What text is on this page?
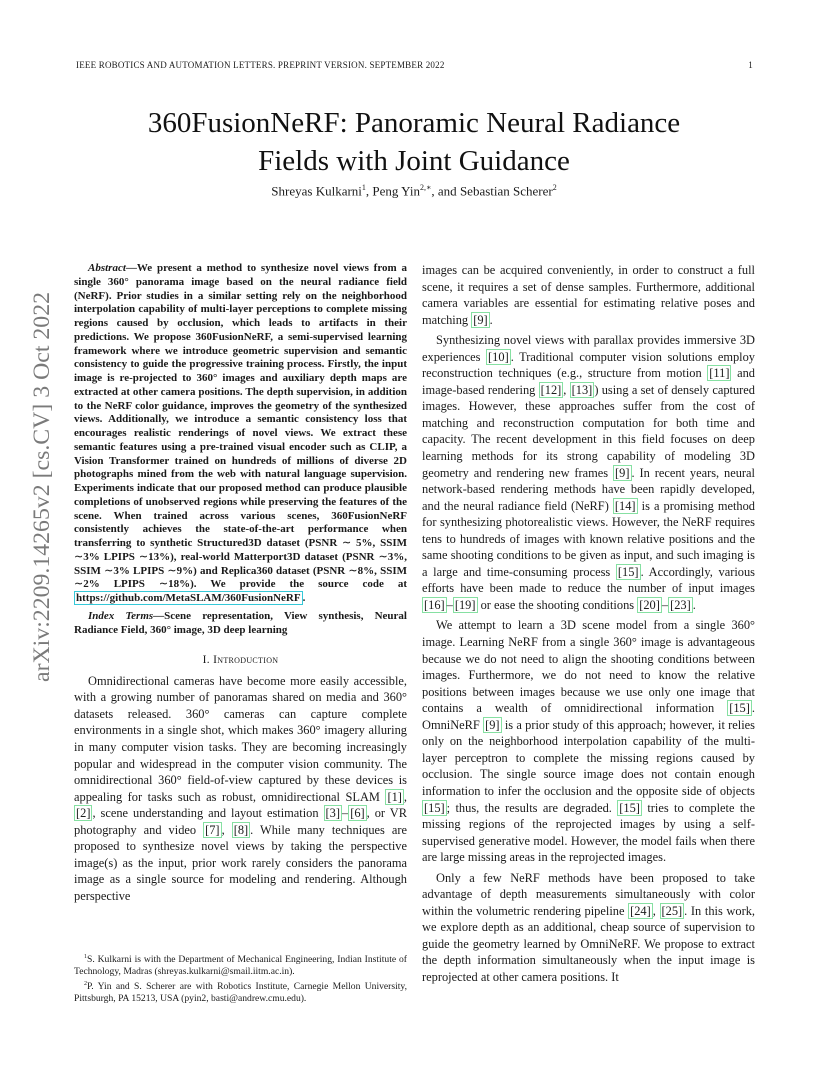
IEEE ROBOTICS AND AUTOMATION LETTERS. PREPRINT VERSION. SEPTEMBER 2022	1
arXiv:2209.14265v2 [cs.CV] 3 Oct 2022
360FusionNeRF: Panoramic Neural Radiance
Fields with Joint Guidance
Shreyas Kulkarni$^1$, Peng Yin$^{2,∗}$, and Sebastian Scherer$^2$

Abstract—We present a method to synthesize novel views from a single 360° panorama image based on the neural radiance field (NeRF). Prior studies in a similar setting rely on the neighborhood interpolation capability of multi-layer perceptions to complete missing regions caused by occlusion, which leads to artifacts in their predictions. We propose 360FusionNeRF, a semi-supervised learning framework where we introduce geometric supervision and semantic consistency to guide the progressive training process. Firstly, the input image is re-projected to 360° images and auxiliary depth maps are extracted at other camera positions. The depth supervision, in addition to the NeRF color guidance, improves the geometry of the synthesized views. Additionally, we introduce a semantic consistency loss that encourages realistic renderings of novel views. We extract these semantic features using a pre-trained visual encoder such as CLIP, a Vision Transformer trained on hundreds of millions of diverse 2D photographs mined from the web with natural language supervision. Experiments indicate that our proposed method can produce plausible completions of unobserved regions while preserving the features of the scene. When trained across various scenes, 360FusionNeRF consistently achieves the state-of-the-art performance when transferring to synthetic Structured3D dataset (PSNR ∼ 5%, SSIM ∼3% LPIPS ∼13%), real-world Matterport3D dataset (PSNR ∼3%, SSIM ∼3% LPIPS ∼9%) and Replica360 dataset (PSNR ∼8%, SSIM ∼2% LPIPS ∼18%). We provide the source code at https://github.com/MetaSLAM/360FusionNeRF .

Index Terms—Scene representation, View synthesis, Neural Radiance Field, 360° image, 3D deep learning

I. Introduction

Omnidirectional cameras have become more easily accessible, with a growing number of panoramas shared on media and 360° datasets released. 360° cameras can capture complete environments in a single shot, which makes 360° imagery alluring in many computer vision tasks. They are becoming increasingly popular and widespread in the computer vision community. The omnidirectional 360° field-of-view captured by these devices is appealing for tasks such as robust, omnidirectional SLAM [1] , [2] , scene understanding and layout estimation [3] – [6] , or VR photography and video [7] , [8] . While many techniques are proposed to synthesize novel views by taking the perspective image(s) as the input, prior work rarely considers the panorama image as a single source for modeling and rendering. Although perspective

images can be acquired conveniently, in order to construct a full scene, it requires a set of dense samples. Furthermore, additional camera variables are essential for estimating relative poses and matching [9] .

Synthesizing novel views with parallax provides immersive 3D experiences [10] . Traditional computer vision solutions employ reconstruction techniques (e.g., structure from motion [11] and image-based rendering [12] , [13] ) using a set of densely captured images. However, these approaches suffer from the cost of matching and reconstruction computation for both time and capacity. The recent development in this field focuses on deep learning methods for its strong capability of modeling 3D geometry and rendering new frames [9] . In recent years, neural network-based rendering methods have been rapidly developed, and the neural radiance field (NeRF) [14] is a promising method for synthesizing photorealistic views. However, the NeRF requires tens to hundreds of images with known relative positions and the same shooting conditions to be given as input, and such imaging is a large and time-consuming process [15] . Accordingly, various efforts have been made to reduce the number of input images [16] – [19] or ease the shooting conditions [20] – [23] .

We attempt to learn a 3D scene model from a single 360° image. Learning NeRF from a single 360° image is advantageous because we do not need to align the shooting conditions between images. Furthermore, we do not need to know the relative positions between images because we use only one image that contains a wealth of omnidirectional information [15] . OmniNeRF [9] is a prior study of this approach; however, it relies only on the neighborhood interpolation capability of the multi-layer perceptron to complete the missing regions caused by occlusion. The single source image does not contain enough information to infer the occlusion and the opposite side of objects [15] ; thus, the results are degraded. [15] tries to complete the missing regions of the reprojected images by using a self-supervised generative model. However, the model fails when there are large missing areas in the reprojected images.

Only a few NeRF methods have been proposed to take advantage of depth measurements simultaneously with color within the volumetric rendering pipeline [24] , [25] . In this work, we explore depth as an additional, cheap source of supervision to guide the geometry learned by OmniNeRF. We propose to extract the depth information simultaneously when the input image is reprojected at other camera positions. It

$^1$S. Kulkarni is with the Department of Mechanical Engineering, Indian Institute of Technology, Madras (shreyas.kulkarni@smail.iitm.ac.in).

$^2$P. Yin and S. Scherer are with Robotics Institute, Carnegie Mellon University, Pittsburgh, PA 15213, USA (pyin2, basti@andrew.cmu.edu).
